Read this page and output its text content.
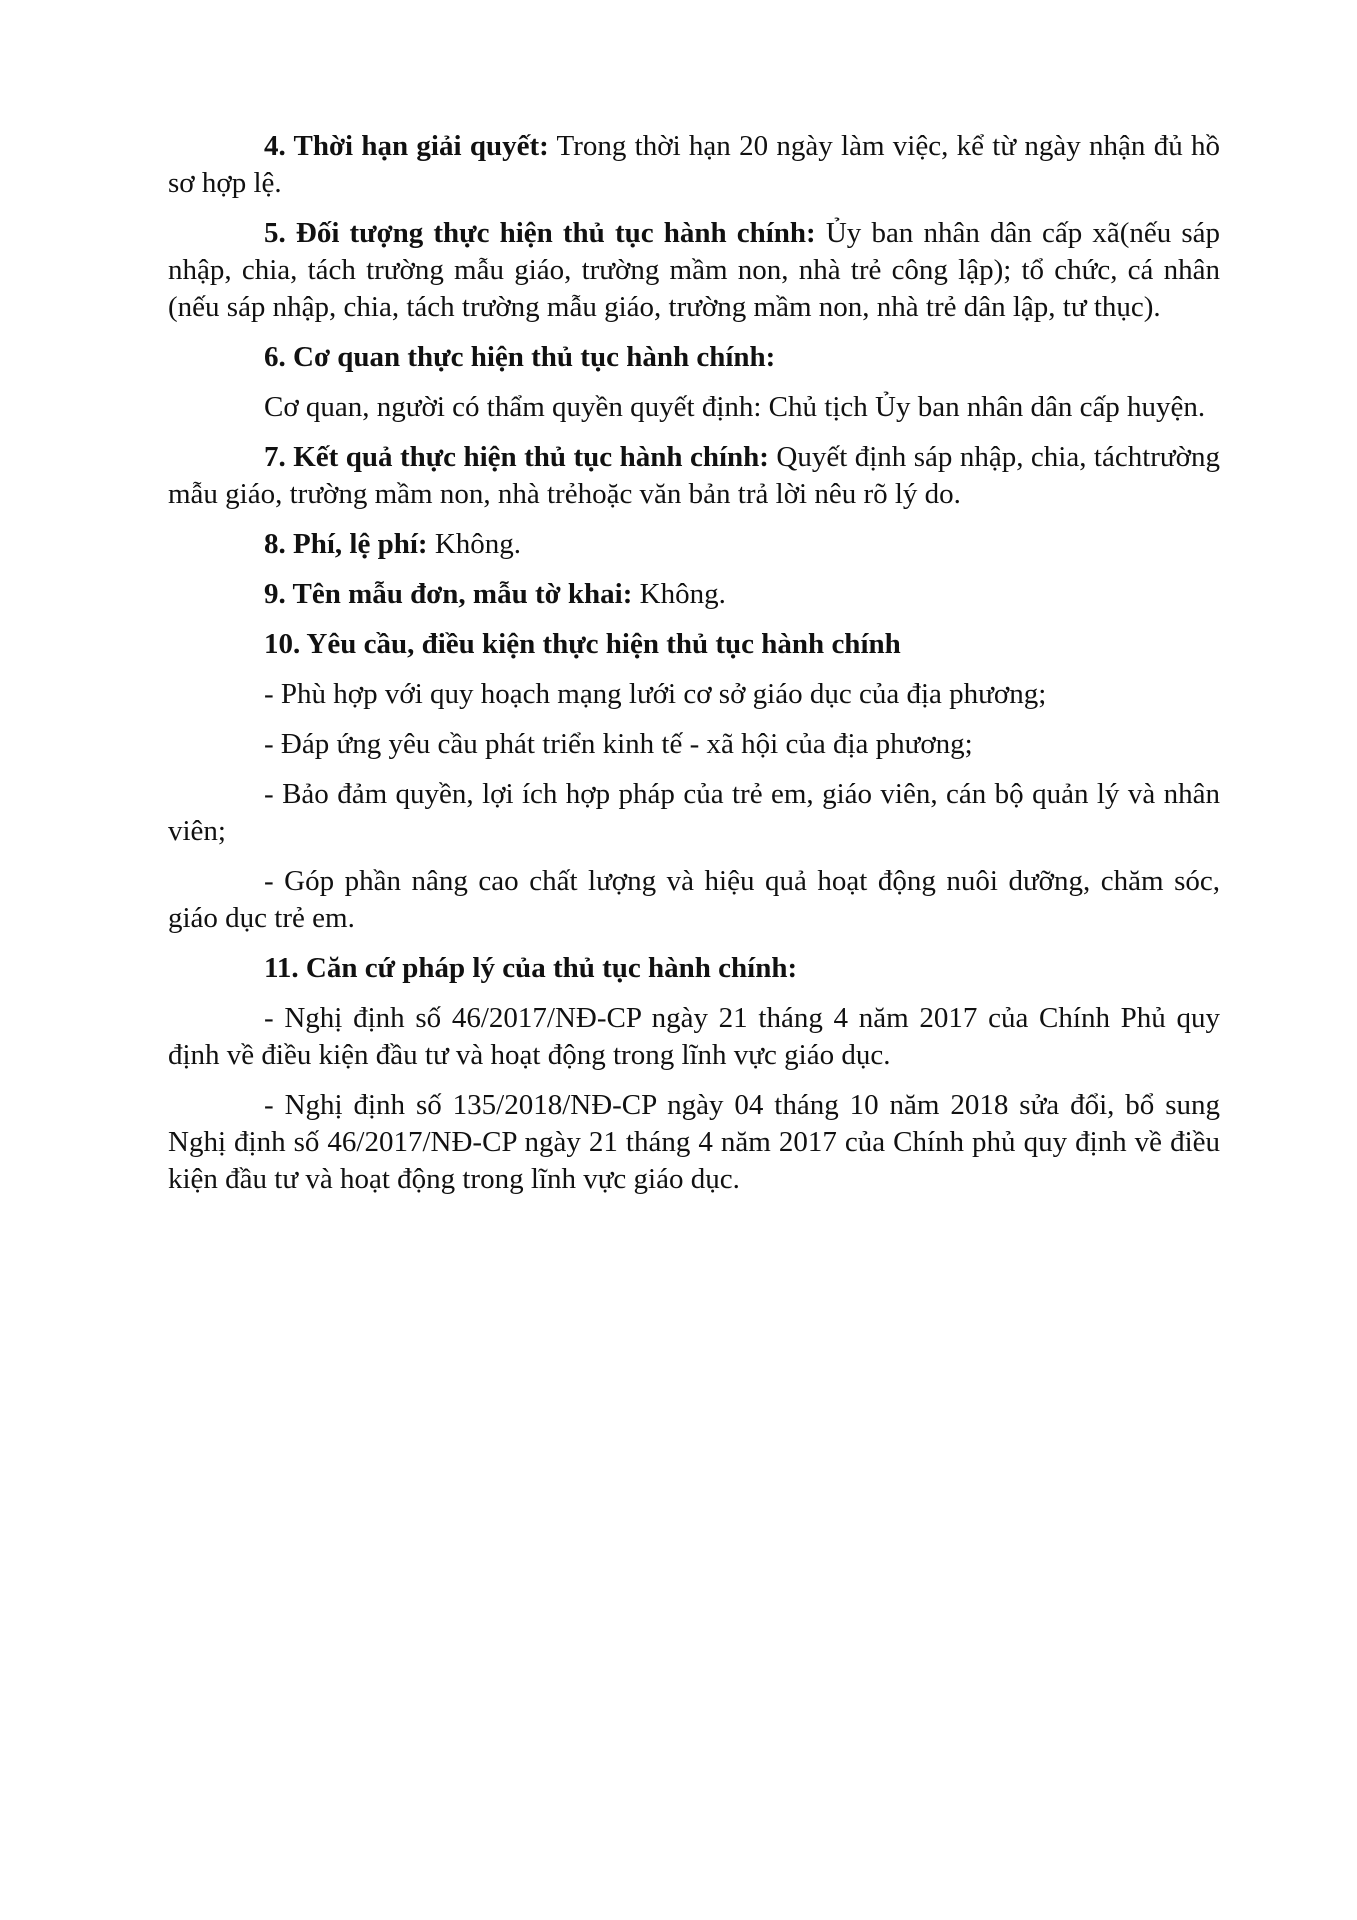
4. Thời hạn giải quyết: Trong thời hạn 20 ngày làm việc, kể từ ngày nhận đủ hồ sơ hợp lệ.

5. Đối tượng thực hiện thủ tục hành chính: Ủy ban nhân dân cấp xã(nếu sáp nhập, chia, tách trường mẫu giáo, trường mầm non, nhà trẻ công lập); tổ chức, cá nhân (nếu sáp nhập, chia, tách trường mẫu giáo, trường mầm non, nhà trẻ dân lập, tư thục).

6. Cơ quan thực hiện thủ tục hành chính:

Cơ quan, người có thẩm quyền quyết định: Chủ tịch Ủy ban nhân dân cấp huyện.

7. Kết quả thực hiện thủ tục hành chính: Quyết định sáp nhập, chia, táchtrường mẫu giáo, trường mầm non, nhà trẻhoặc văn bản trả lời nêu rõ lý do.

8. Phí, lệ phí: Không.

9. Tên mẫu đơn, mẫu tờ khai: Không.

10. Yêu cầu, điều kiện thực hiện thủ tục hành chính

- Phù hợp với quy hoạch mạng lưới cơ sở giáo dục của địa phương;

- Đáp ứng yêu cầu phát triển kinh tế - xã hội của địa phương;

- Bảo đảm quyền, lợi ích hợp pháp của trẻ em, giáo viên, cán bộ quản lý và nhân viên;

- Góp phần nâng cao chất lượng và hiệu quả hoạt động nuôi dưỡng, chăm sóc, giáo dục trẻ em.

11. Căn cứ pháp lý của thủ tục hành chính:

- Nghị định số 46/2017/NĐ-CP ngày 21 tháng 4 năm 2017 của Chính Phủ quy định về điều kiện đầu tư và hoạt động trong lĩnh vực giáo dục.

- Nghị định số 135/2018/NĐ-CP ngày 04 tháng 10 năm 2018 sửa đổi, bổ sung Nghị định số 46/2017/NĐ-CP ngày 21 tháng 4 năm 2017 của Chính phủ quy định về điều kiện đầu tư và hoạt động trong lĩnh vực giáo dục.
